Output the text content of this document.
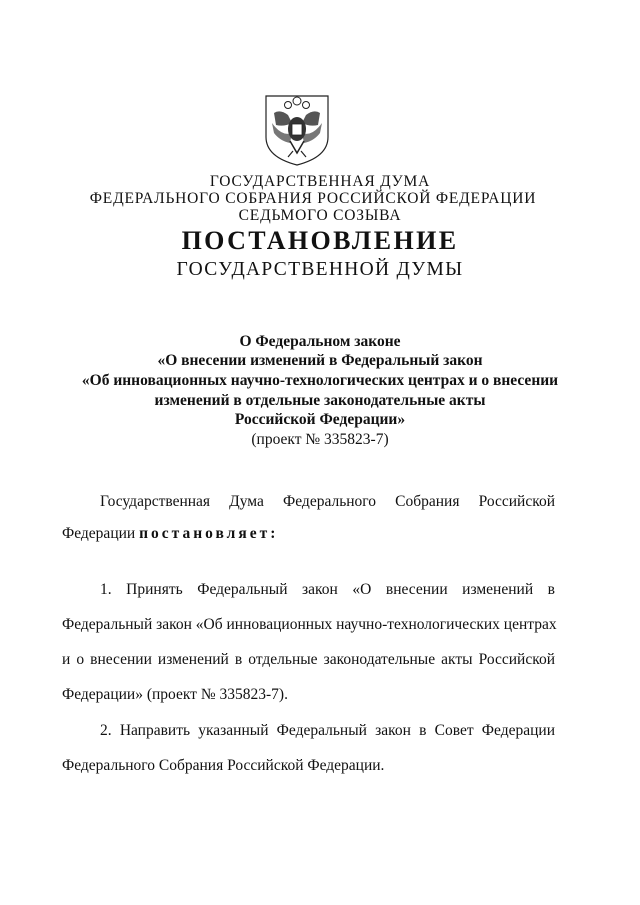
ГОСУДАРСТВЕННАЯ ДУМА
ФЕДЕРАЛЬНОГО СОБРАНИЯ РОССИЙСКОЙ ФЕДЕРАЦИИ
СЕДЬМОГО СОЗЫВА
ПОСТАНОВЛЕНИЕ
ГОСУДАРСТВЕННОЙ ДУМЫ
О Федеральном законе
«О внесении изменений в Федеральный закон
«Об инновационных научно-технологических центрах и о внесении
изменений в отдельные законодательные акты
Российской Федерации»
(проект № 335823-7)
Государственная Дума Федерального Собрания Российской
Федерации постановляет:
1. Принять Федеральный закон «О внесении изменений в
Федеральный закон «Об инновационных научно-технологических центрах
и о внесении изменений в отдельные законодательные акты Российской
Федерации» (проект № 335823-7).
2. Направить указанный Федеральный закон в Совет Федерации
Федерального Собрания Российской Федерации.
